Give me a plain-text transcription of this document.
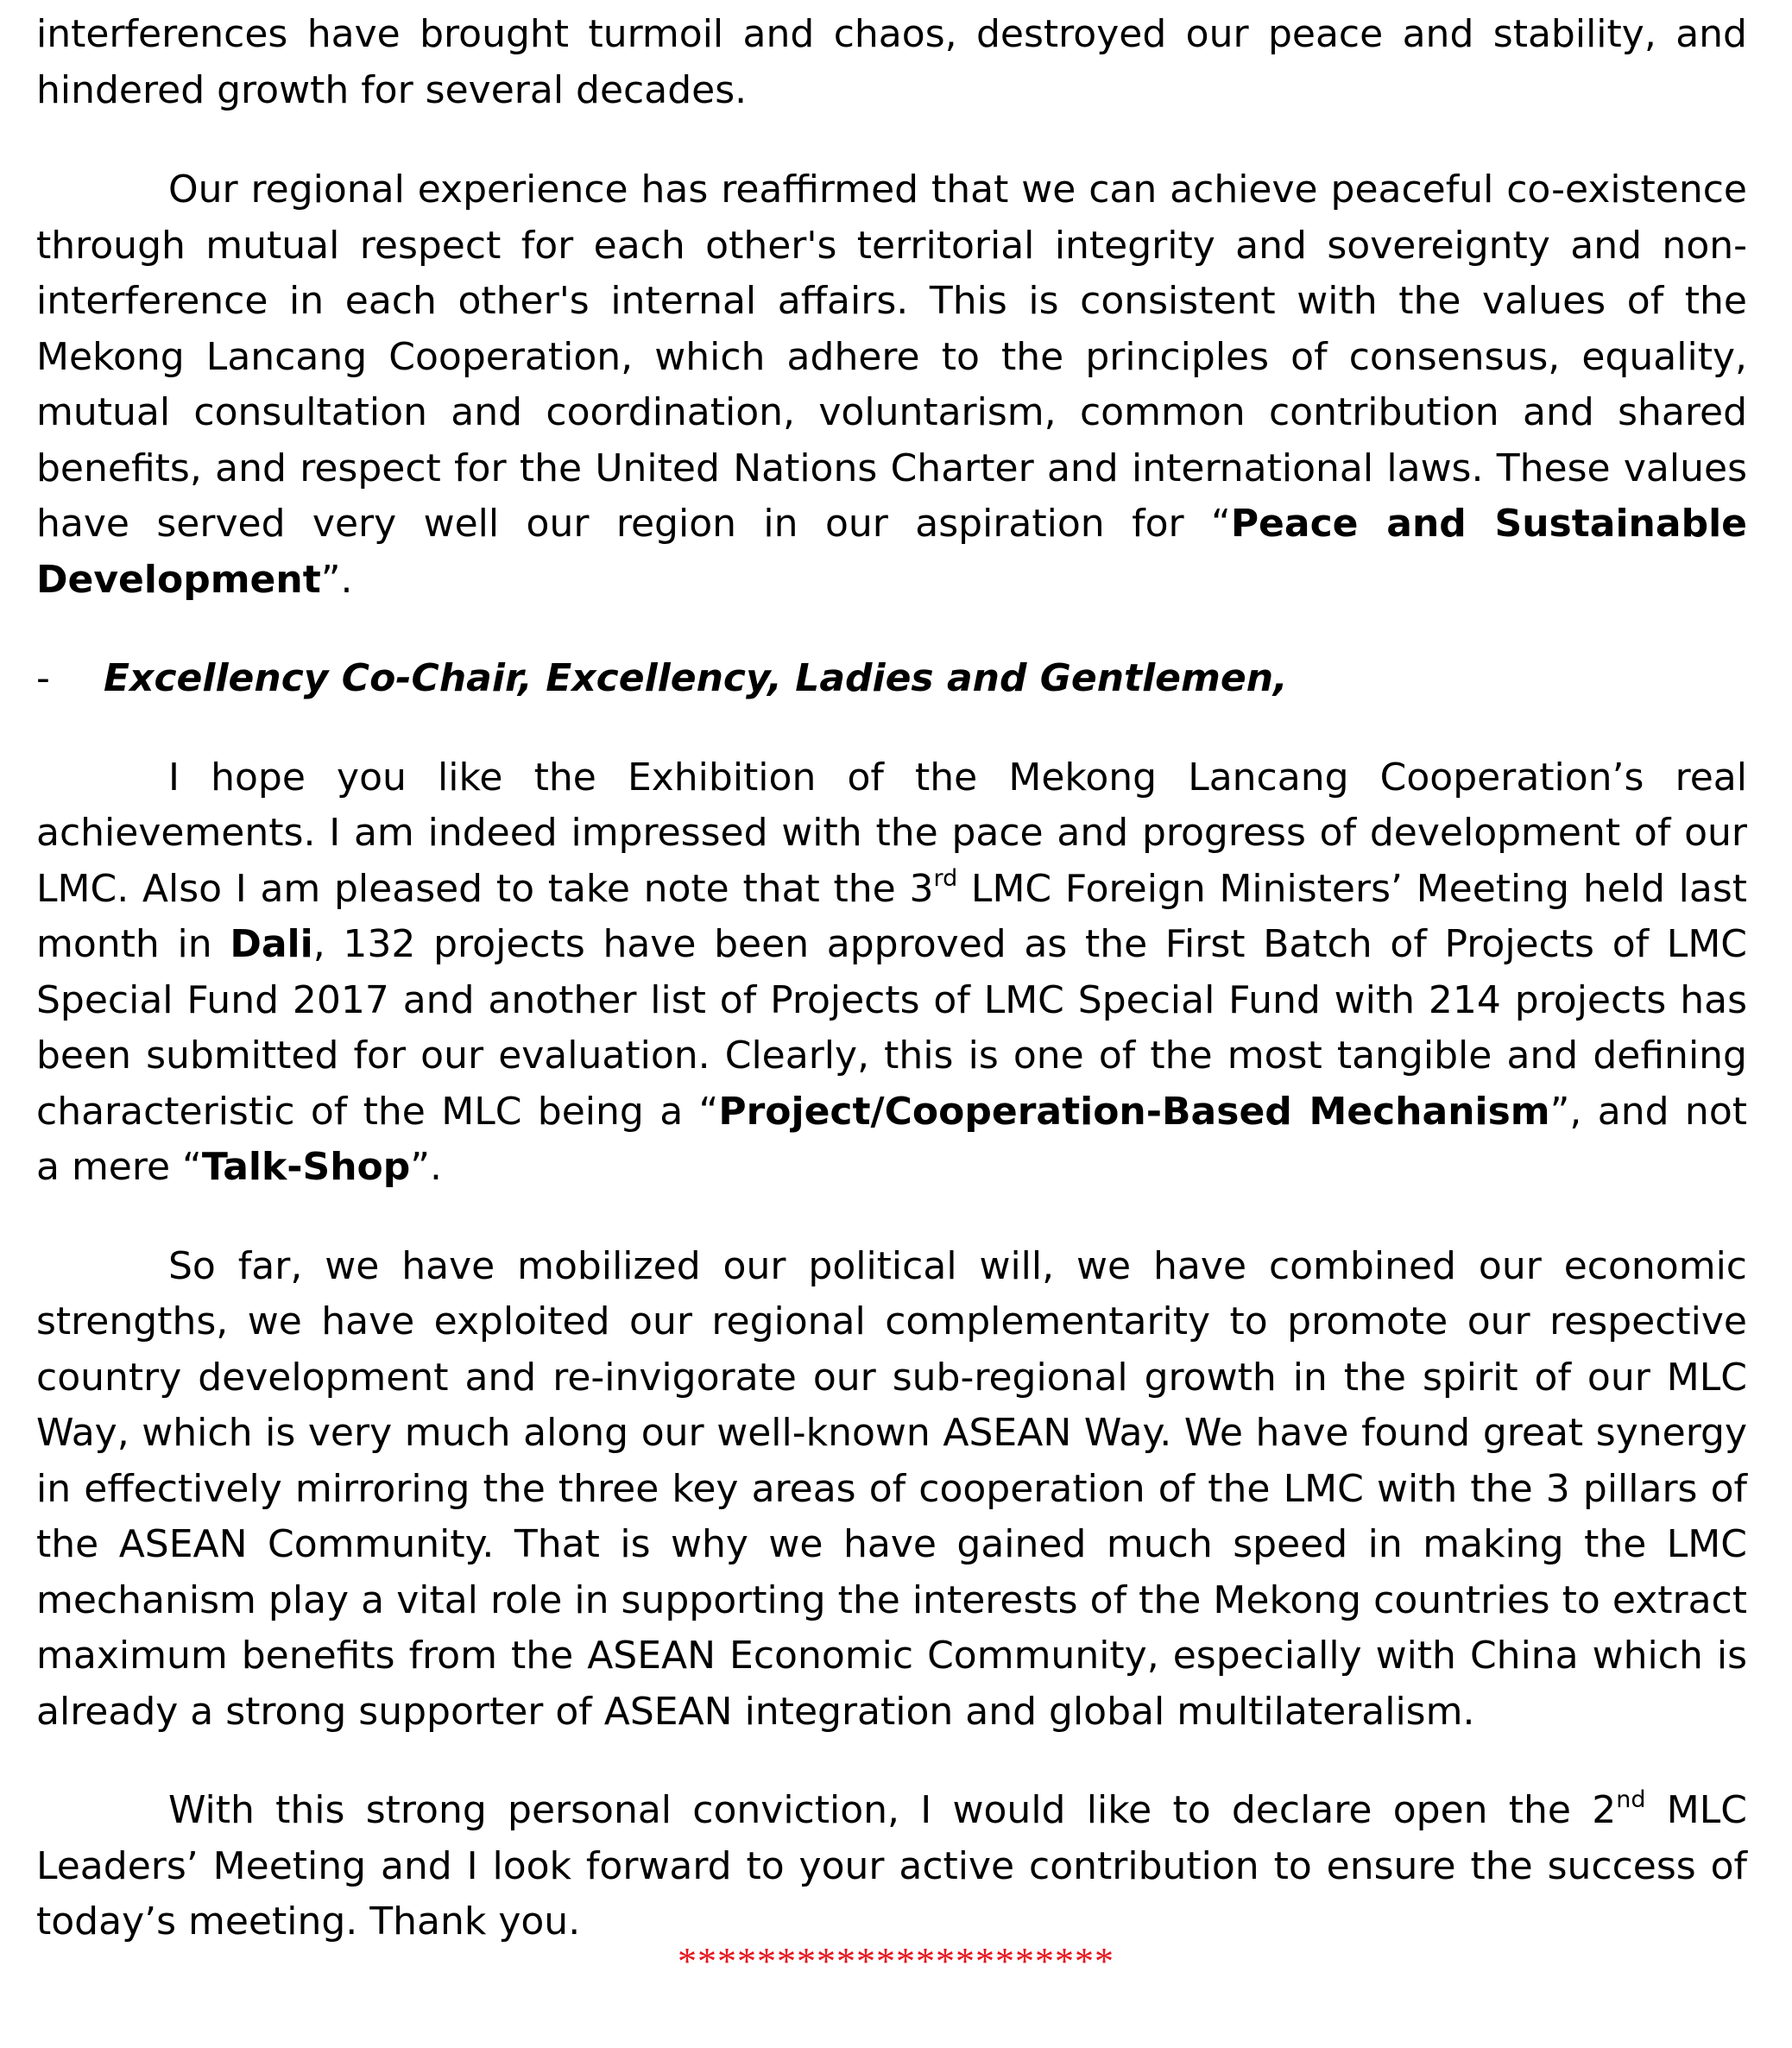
interferences have brought turmoil and chaos, destroyed our peace and stability, and hindered growth for several decades.

Our regional experience has reaffirmed that we can achieve peaceful co-existence through mutual respect for each other's territorial integrity and sovereignty and non-interference in each other's internal affairs. This is consistent with the values of the Mekong Lancang Cooperation, which adhere to the principles of consensus, equality, mutual consultation and coordination, voluntarism, common contribution and shared benefits, and respect for the United Nations Charter and international laws. These values have served very well our region in our aspiration for “Peace and Sustainable Development”.

-	Excellency Co-Chair, Excellency, Ladies and Gentlemen,

I hope you like the Exhibition of the Mekong Lancang Cooperation’s real achievements. I am indeed impressed with the pace and progress of development of our LMC. Also I am pleased to take note that the 3rd LMC Foreign Ministers’ Meeting held last month in Dali, 132 projects have been approved as the First Batch of Projects of LMC Special Fund 2017 and another list of Projects of LMC Special Fund with 214 projects has been submitted for our evaluation. Clearly, this is one of the most tangible and defining characteristic of the MLC being a “Project/Cooperation-Based Mechanism”, and not a mere “Talk-Shop”.

So far, we have mobilized our political will, we have combined our economic strengths, we have exploited our regional complementarity to promote our respective country development and re-invigorate our sub-regional growth in the spirit of our MLC Way, which is very much along our well-known ASEAN Way. We have found great synergy in effectively mirroring the three key areas of cooperation of the LMC with the 3 pillars of the ASEAN Community. That is why we have gained much speed in making the LMC mechanism play a vital role in supporting the interests of the Mekong countries to extract maximum benefits from the ASEAN Economic Community, especially with China which is already a strong supporter of ASEAN integration and global multilateralism.

With this strong personal conviction, I would like to declare open the 2nd MLC Leaders’ Meeting and I look forward to your active contribution to ensure the success of today’s meeting. Thank you.

**********************
